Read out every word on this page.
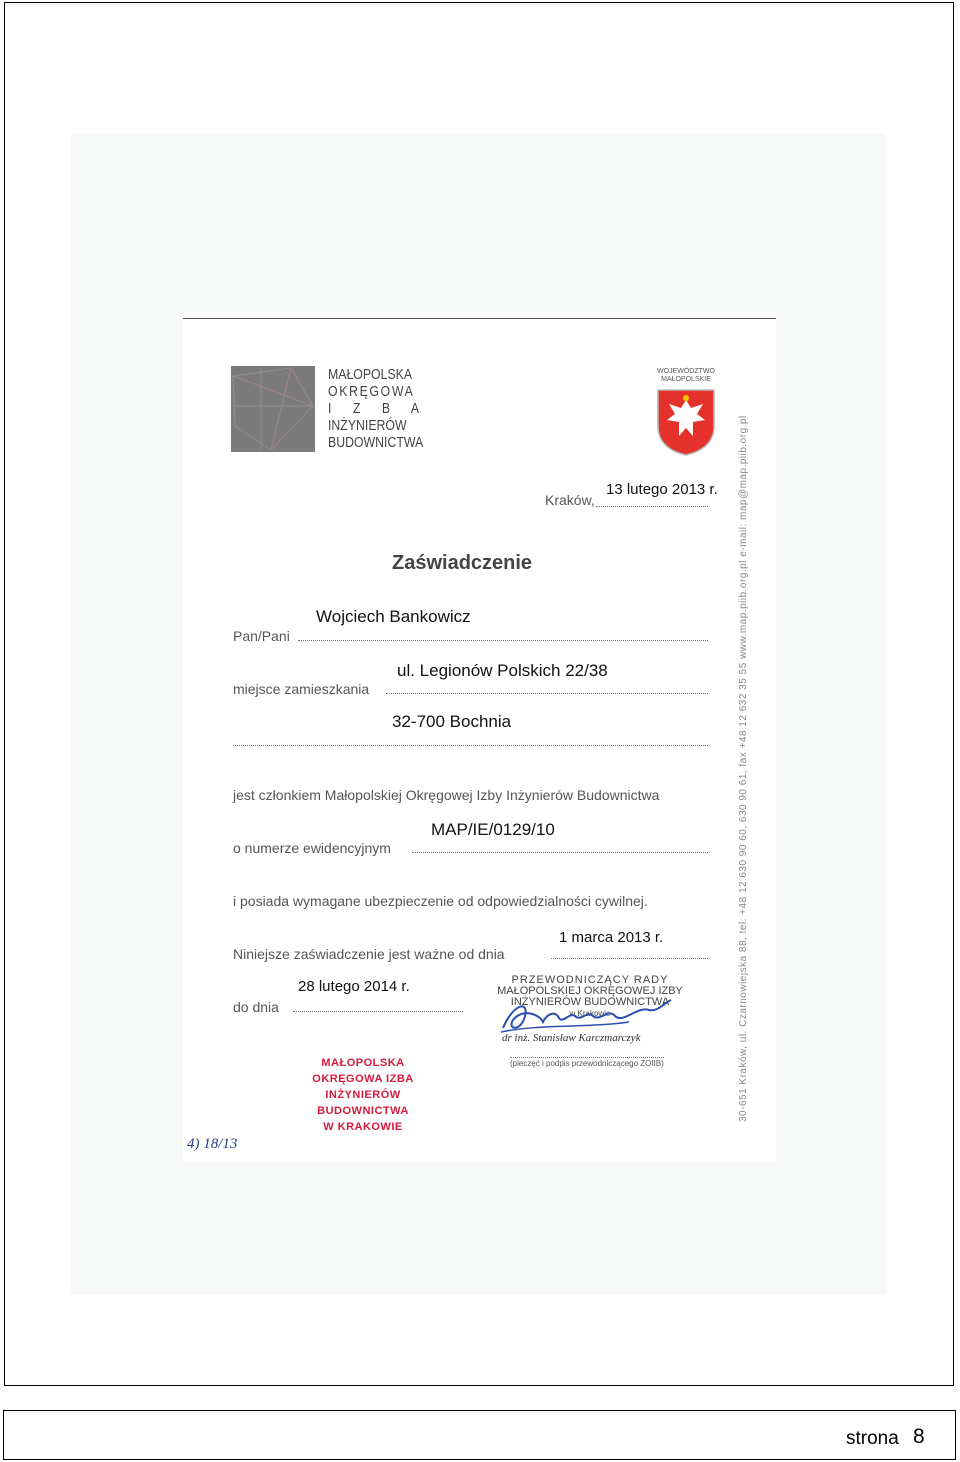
MAŁOPOLSKA
OKRĘGOWA
I Z B A
INŻYNIERÓW
BUDOWNICTWA
WOJEWÓDZTWO
MAŁOPOLSKIE
30-651 Kraków, ul. Czarnowiejska 88, tel. +48 12 630 90 60, 630 90 61, fax +48 12 632 35 55 www.map.piib.org.pl e-mail: map@map.piib.org.pl
Kraków,
13 lutego 2013 r.
Zaświadczenie
Pan/Pani
Wojciech Bankowicz
miejsce zamieszkania
ul. Legionów Polskich 22/38
32-700 Bochnia
jest członkiem Małopolskiej Okręgowej Izby Inżynierów Budownictwa
o numerze ewidencyjnym
MAP/IE/0129/10
i posiada wymagane ubezpieczenie od odpowiedzialności cywilnej.
Niniejsze zaświadczenie jest ważne od dnia
1 marca 2013 r.
do dnia
28 lutego 2014 r.	PRZEWODNICZĄCY RADY
MAŁOPOLSKIEJ OKRĘGOWEJ IZBY
INŻYNIERÓW BUDOWNICTWA
w Krakowie
dr inż. Stanisław Karczmarczyk
(pieczęć i podpis przewodniczącego ZOIIB)
MAŁOPOLSKA OKRĘGOWA IZBA
INŻYNIERÓW BUDOWNICTWA
W KRAKOWIE
4) 18/13
strona 8
